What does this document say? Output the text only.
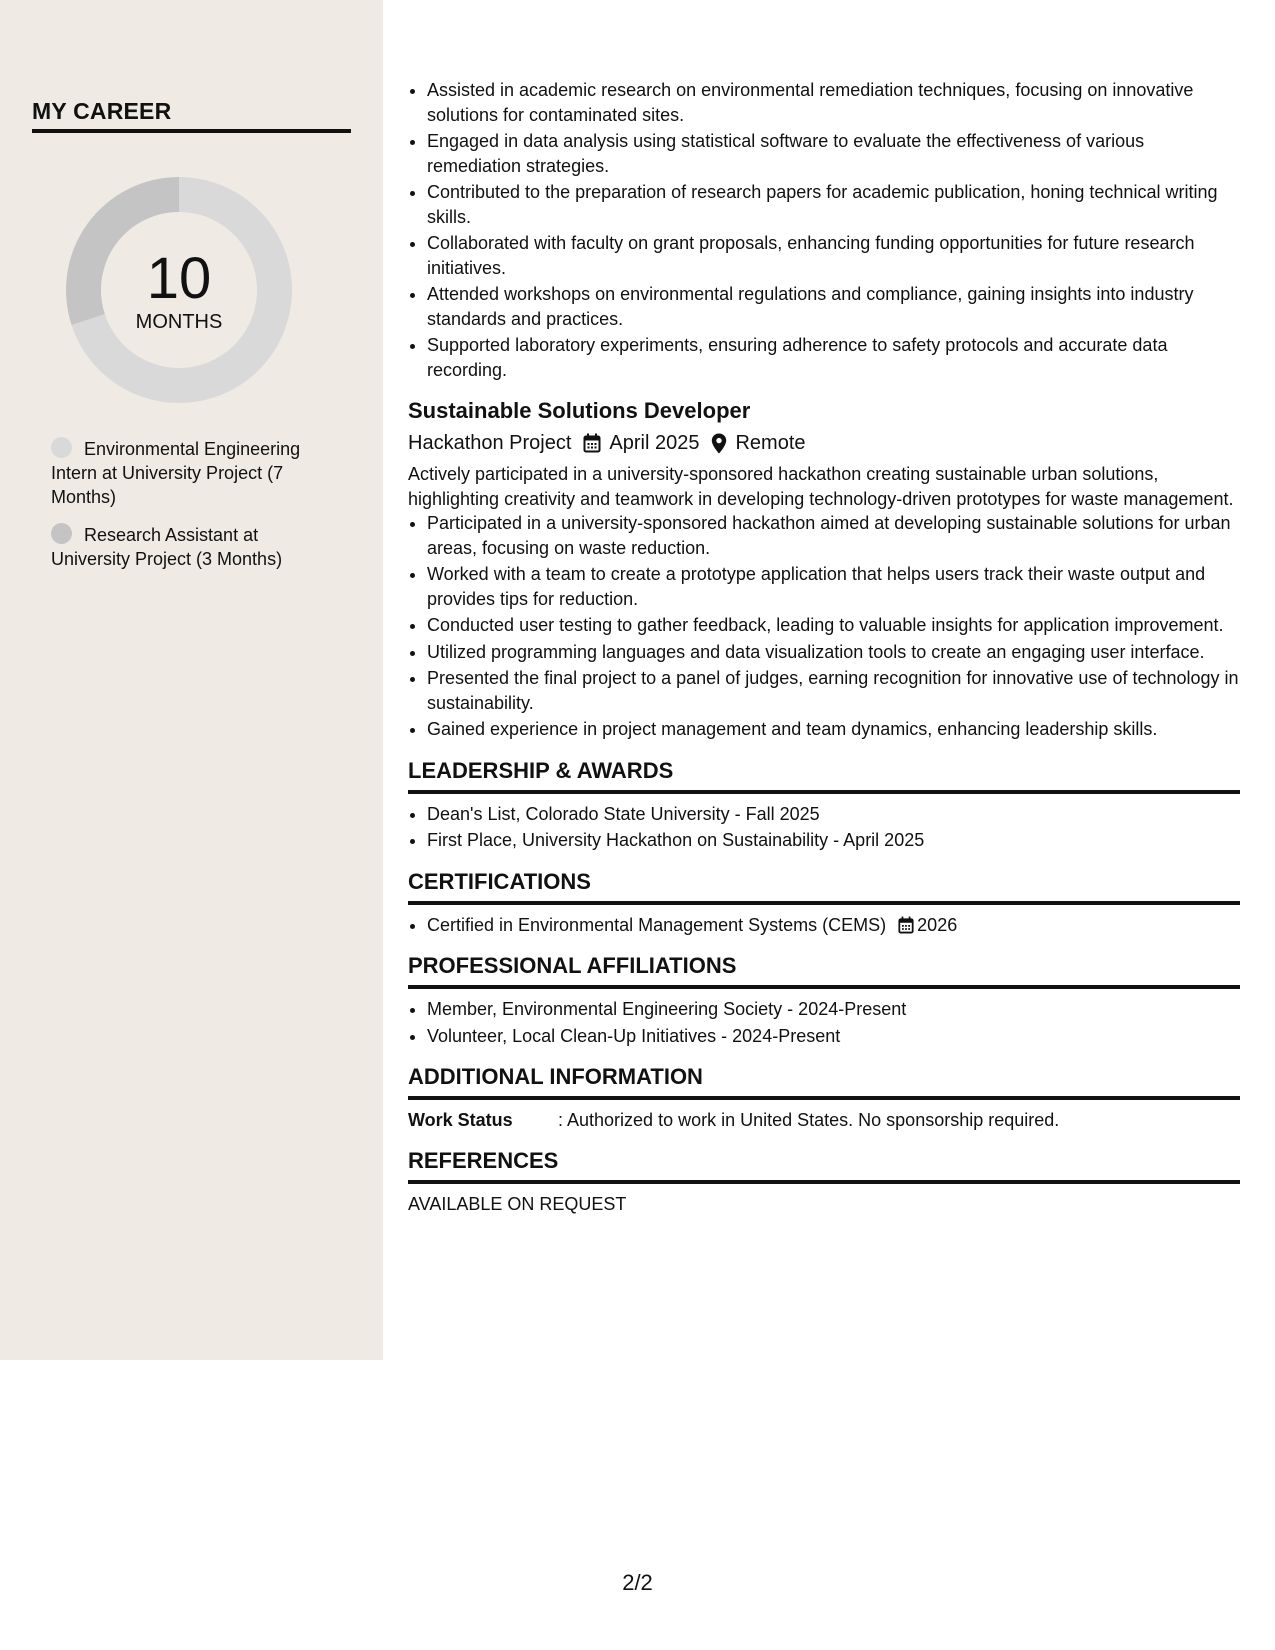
MY CAREER
10
MONTHS
Environmental Engineering Intern at University Project (7 Months)
Research Assistant at University Project (3 Months)
• Assisted in academic research on environmental remediation techniques, focusing on innovative solutions for contaminated sites.
• Engaged in data analysis using statistical software to evaluate the effectiveness of various remediation strategies.
• Contributed to the preparation of research papers for academic publication, honing technical writing skills.
• Collaborated with faculty on grant proposals, enhancing funding opportunities for future research initiatives.
• Attended workshops on environmental regulations and compliance, gaining insights into industry standards and practices.
• Supported laboratory experiments, ensuring adherence to safety protocols and accurate data recording.
Sustainable Solutions Developer
Hackathon Project April 2025 Remote
Actively participated in a university-sponsored hackathon creating sustainable urban solutions, highlighting creativity and teamwork in developing technology-driven prototypes for waste management.
• Participated in a university-sponsored hackathon aimed at developing sustainable solutions for urban areas, focusing on waste reduction.
• Worked with a team to create a prototype application that helps users track their waste output and provides tips for reduction.
• Conducted user testing to gather feedback, leading to valuable insights for application improvement.
• Utilized programming languages and data visualization tools to create an engaging user interface.
• Presented the final project to a panel of judges, earning recognition for innovative use of technology in sustainability.
• Gained experience in project management and team dynamics, enhancing leadership skills.
LEADERSHIP & AWARDS
• Dean's List, Colorado State University - Fall 2025
• First Place, University Hackathon on Sustainability - April 2025
CERTIFICATIONS
• Certified in Environmental Management Systems (CEMS) 2026
PROFESSIONAL AFFILIATIONS
• Member, Environmental Engineering Society - 2024-Present
• Volunteer, Local Clean-Up Initiatives - 2024-Present
ADDITIONAL INFORMATION
Work Status	: Authorized to work in United States. No sponsorship required.
REFERENCES
AVAILABLE ON REQUEST
2/2
